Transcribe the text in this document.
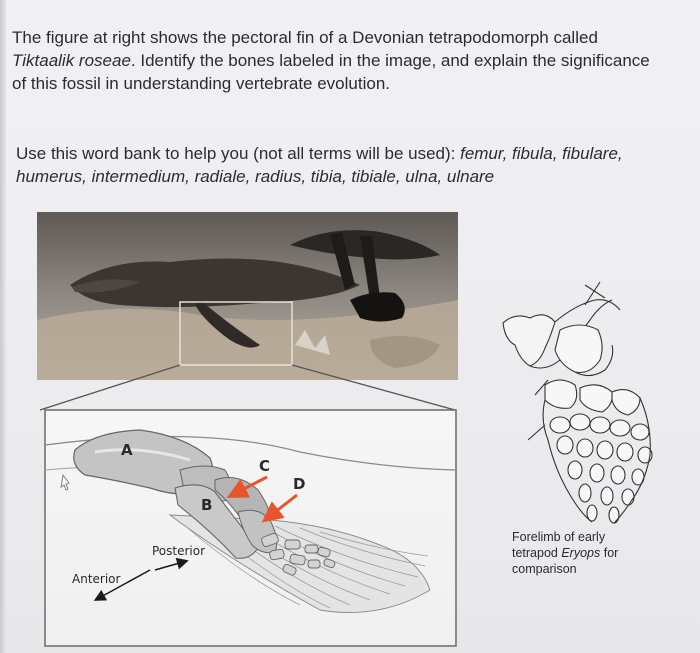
The figure at right shows the pectoral fin of a Devonian tetrapodomorph called

Tiktaalik roseae. Identify the bones labeled in the image, and explain the significance

of this fossil in understanding vertebrate evolution.

Use this word bank to help you (not all terms will be used): femur, fibula, fibulare,
humerus, intermedium, radiale, radius, tibia, tibiale, ulna, ulnare
A
B
C
D
Posterior
Anterior
Forelimb of early
tetrapod Eryops for
comparison
